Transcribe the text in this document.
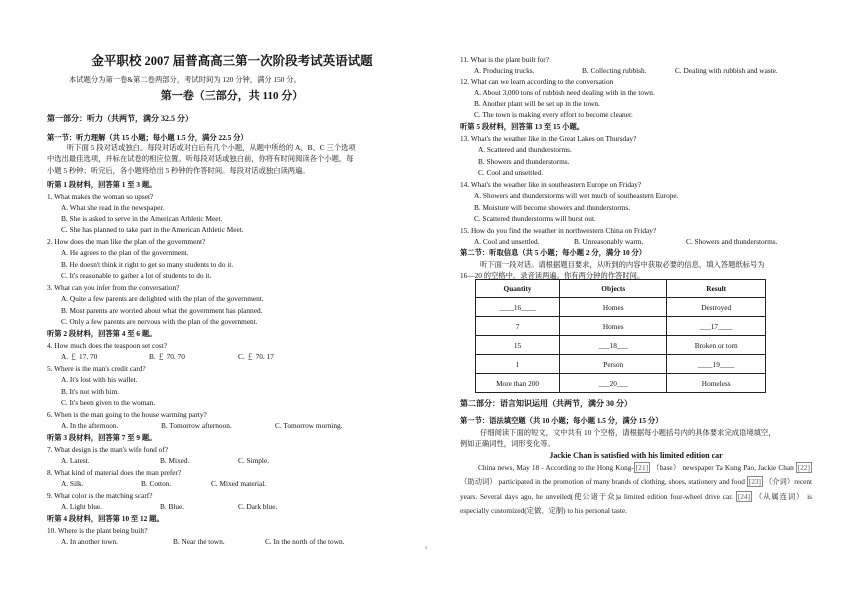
金平职校 2007 届普高高三第一次阶段考试英语试题
本试题分为第一卷&第二卷两部分，考试时间为 120 分钟，满分 150 分。
第一卷（三部分，共 110 分）
第一部分：听力（共两节，满分 32.5 分）
第一节：听力理解（共 15 小题；每小题 1.5 分，满分 22.5 分）
听下面 5 段对话或独白。每段对话或对白后有几个小题，从题中所给的 A、B、C 三个选项
中选出最佳选项，并标在试卷的相应位置。听每段对话或独白前，你将有时间阅读各个小题，每
小题 5 秒钟；听完后，各小题将给出 5 秒钟的作答时间。每段对话或独白读两遍。
听第 1 段材料，回答第 1 至 3 题。
1. What makes the woman so upset?
A. What she read in the newspaper.
B. She is asked to serve in the American Athletic Meet.
C. She has planned to take part in the American Athletic Meet.
2. How does the man like the plan of the government?
A. He agrees to the plan of the government.
B. He doesn't think it right to get so many students to do it.
C. It's reasonable to gather a lot of students to do it.
3. What can you infer from the conversation?
A. Quite a few parents are delighted with the plan of the government.
B. Most parents are worried about what the government has planned.
C. Only a few parents are nervous with the plan of the government.
听第 2 段材料，回答第 4 至 6 题。
4. How much does the teaspoon set cost?
A. ￡ 17. 70	B. ￡ 70. 70	C. ￡ 70. 17
5. Where is the man's credit card?
A. It's lost with his wallet.
B. It's not with him.
C. It's been given to the woman.
6. When is the man going to the house warming party?
A. In the afternoon.	B. Tomorrow afternoon.	C. Tomorrow morning.
听第 3 段材料，回答第 7 至 9 题。
7. What design is the man's wife fond of?
A. Latest.	B. Mixed.	C. Simple.
8. What kind of material does the man prefer?
A. Silk.	B. Cotton.	C. Mixed material.
9. What color is the matching scarf?
A. Light blue.	B. Blue.	C. Dark blue.
听第 4 段材料，回答第 10 至 12 题。
10. Where is the plant being built?
A. In another town.	B. Near the town.	C. In the north of the town.
1
11. What is the plant built for?
A. Producing trucks.	B. Collecting rubbish.	C. Dealing with rubbish and waste.
12. What can we learn according to the conversation
A. About 3,000 tons of rubbish need dealing with in the town.
B. Another plant will be set up in the town.
C. The town is making every effort to become cleaner.
听第 5 段材料，回答第 13 至 15 小题。
13. What's the weather like in the Great Lakes on Thursday?
A. Scattered and thunderstorms.
B. Showers and thunderstorms.
C. Cool and unsettled.
14. What's the weather like in southeastern Europe on Friday?
A. Showers and thunderstorms will wet much of southeastern Europe.
B. Moisture will become showers and thunderstorms.
C. Scattered thunderstorms will burst out.
15. How do you find the weather in northwestern China on Friday?
A. Cool and unsettled.	B. Unreasonably warm.	C. Showers and thunderstorms.
第二节：听取信息（共 5 小题；每小题 2 分，满分 10 分）
听下面一段对话。请根据题目要求，从听到的内容中获取必要的信息，填入答题纸标号为
16—20 的空格中。录音读两遍。你有两分钟的作答时间。
Quantity	Objects	Result
____16____	Homes	Destroyed
7	Homes	___17____
15	___18___	Broken or torn
1	Person	____19____
More than 200	___20___	Homeless
第二部分：语言知识运用（共两节，满分 30 分）
第一节：语法填空题（共 10 小题；每小题 1.5 分，满分 15 分）
仔细阅读下面的短文，文中共有 10 个空格，请根据每小题括号内的具体要求完成语境填空，
例如正确词性，词形变化等。
Jackie Chan is satisfied with his limited edition car
China news, May 18 - According to the Hong Kong- [21] （base） newspaper Ta Kung Pao, Jackie Chan [22] （助动词） participated in the promotion of many brands of clothing, shoes, stationery and food [23] （介词）recent years. Several days ago, he unveiled(使公诸于众)a limited edition four-wheel drive car. [24] （从属连词） is especially customized(定做、定制) to his personal taste.
